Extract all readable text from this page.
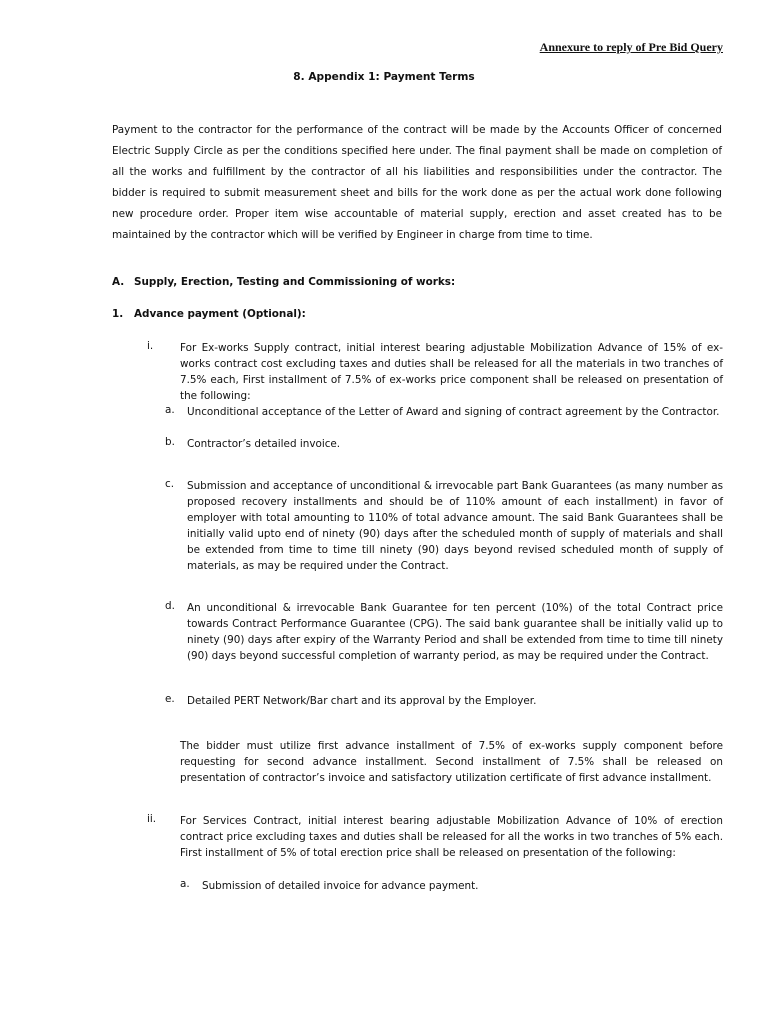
Annexure to reply of Pre Bid Query
8. Appendix 1: Payment Terms
Payment to the contractor for the performance of the contract will be made by the Accounts Officer of concerned Electric Supply Circle as per the conditions specified here under. The final payment shall be made on completion of all the works and fulfillment by the contractor of all his liabilities and responsibilities under the contractor. The bidder is required to submit measurement sheet and bills for the work done as per the actual work done following new procedure order. Proper item wise accountable of material supply, erection and asset created has to be maintained by the contractor which will be verified by Engineer in charge from time to time.
A. Supply, Erection, Testing and Commissioning of works:
1. Advance payment (Optional):
i.	For Ex-works Supply contract, initial interest bearing adjustable Mobilization Advance of 15% of ex-works contract cost excluding taxes and duties shall be released for all the materials in two tranches of 7.5% each, First installment of 7.5% of ex-works price component shall be released on presentation of the following:
a. Unconditional acceptance of the Letter of Award and signing of contract agreement by the Contractor.
b. Contractor’s detailed invoice.
c. Submission and acceptance of unconditional & irrevocable part Bank Guarantees (as many number as proposed recovery installments and should be of 110% amount of each installment) in favor of employer with total amounting to 110% of total advance amount. The said Bank Guarantees shall be initially valid upto end of ninety (90) days after the scheduled month of supply of materials and shall be extended from time to time till ninety (90) days beyond revised scheduled month of supply of materials, as may be required under the Contract.
d. An unconditional & irrevocable Bank Guarantee for ten percent (10%) of the total Contract price towards Contract Performance Guarantee (CPG). The said bank guarantee shall be initially valid up to ninety (90) days after expiry of the Warranty Period and shall be extended from time to time till ninety (90) days beyond successful completion of warranty period, as may be required under the Contract.
e. Detailed PERT Network/Bar chart and its approval by the Employer.
The bidder must utilize first advance installment of 7.5% of ex-works supply component before requesting for second advance installment. Second installment of 7.5% shall be released on presentation of contractor’s invoice and satisfactory utilization certificate of first advance installment.
ii. For Services Contract, initial interest bearing adjustable Mobilization Advance of 10% of erection contract price excluding taxes and duties shall be released for all the works in two tranches of 5% each. First installment of 5% of total erection price shall be released on presentation of the following:
a. Submission of detailed invoice for advance payment.
